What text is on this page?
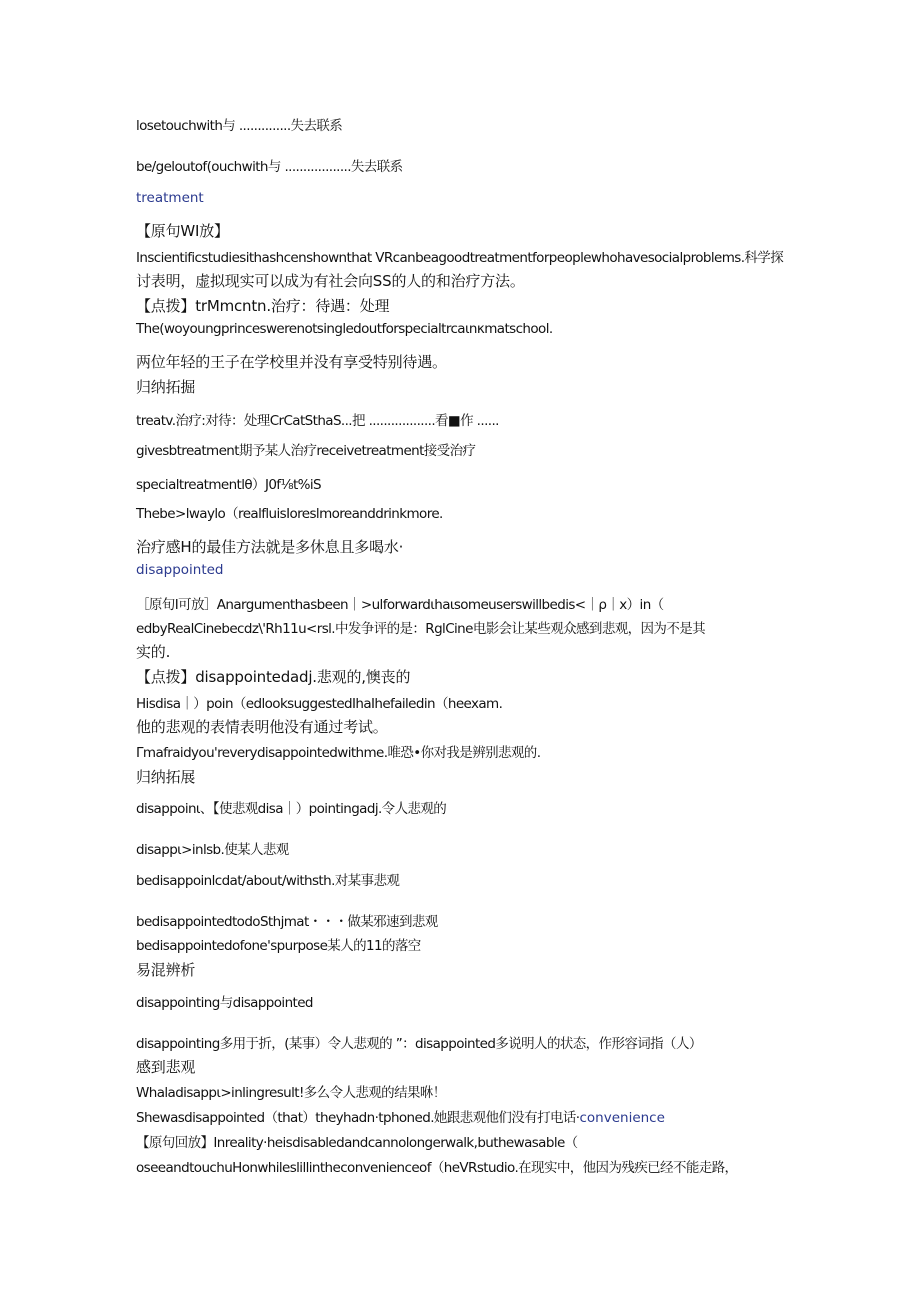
losetouchwith与 ..............失去联系
be/geloutof(ouchwith与 ..................失去联系
treatment
【原句WI放】
Inscientificstudiesithashcenshownthat VRcanbeagoodtreatmentforpeoplewhohavesocialproblems.科学探
讨表明，虚拟现实可以成为有社会向SS的人的和治疗方法。
【点拨】trMmcntn.治疗：待遇：处理
The(woyoungprinceswerenotsingledoutforspecialtrcaιnκmatschool.
两位年轻的王子在学校里并没有享受特别待遇。
归纳拓掘
treatv.治疗:对待：处理CrCatSthaS...把 ..................看■作 ......
givesbtreatment期予某人治疗receivetreatment接受治疗
specialtreatmentlθ）J0f⅛t%iS
Thebe>lwaylo（realfluisIoreslmoreanddrinkmore.
治疗感H的最佳方法就是多休息且多喝水·
disappointed
［原旬Ι可放］Anargumenthasbeen｜>ulforwardιhaιsomeuserswillbedis<｜ρ｜x）in（
edbyRealCinebecdz\'Rh11u<rsl.中发争评的是：RglCine电影会让某些观众感到悲观，因为不是其
实的.
【点拨】disappointedadj.悲观的,懊丧的
Hisdisa｜）poin（edlooksuggestedIhaIhefailedin（heexam.
他的悲观的表情表明他没有通过考试。
Γmafraidyou'reverydisappointedwithme.唯恐•你对我是辨别悲观的.
归纳拓展
disappoinι、【使悲观disa｜）pointingadj.令人悲观的
disappι>inlsb.使某人悲观
bedisappoinlcdat/about/withsth.对某事悲观
bedisappointedtodoSthjmat・・・做某邪速到悲观
bedisappointedofone'spurpose某人的11的落空
易混辨析
disappointing与disappointed
disappointing多用于折，(某事）令人悲观的 ”：disappointed多说明人的状态，作形容词指（人）
感到悲观
Whaladisappι>inlingresult!多么令人悲观的结果咻！
Shewasdisappointed（that）theyhadn·tphoned.她跟悲观他们没有打电话·convenience
【原句回放】Inreality·heisdisabledandcannolongerwalk,buthewasable（
oseeandtouchuHonwhileslillintheconvenienceof（heVRstudio.在现实中，他因为残疾已经不能走路，
